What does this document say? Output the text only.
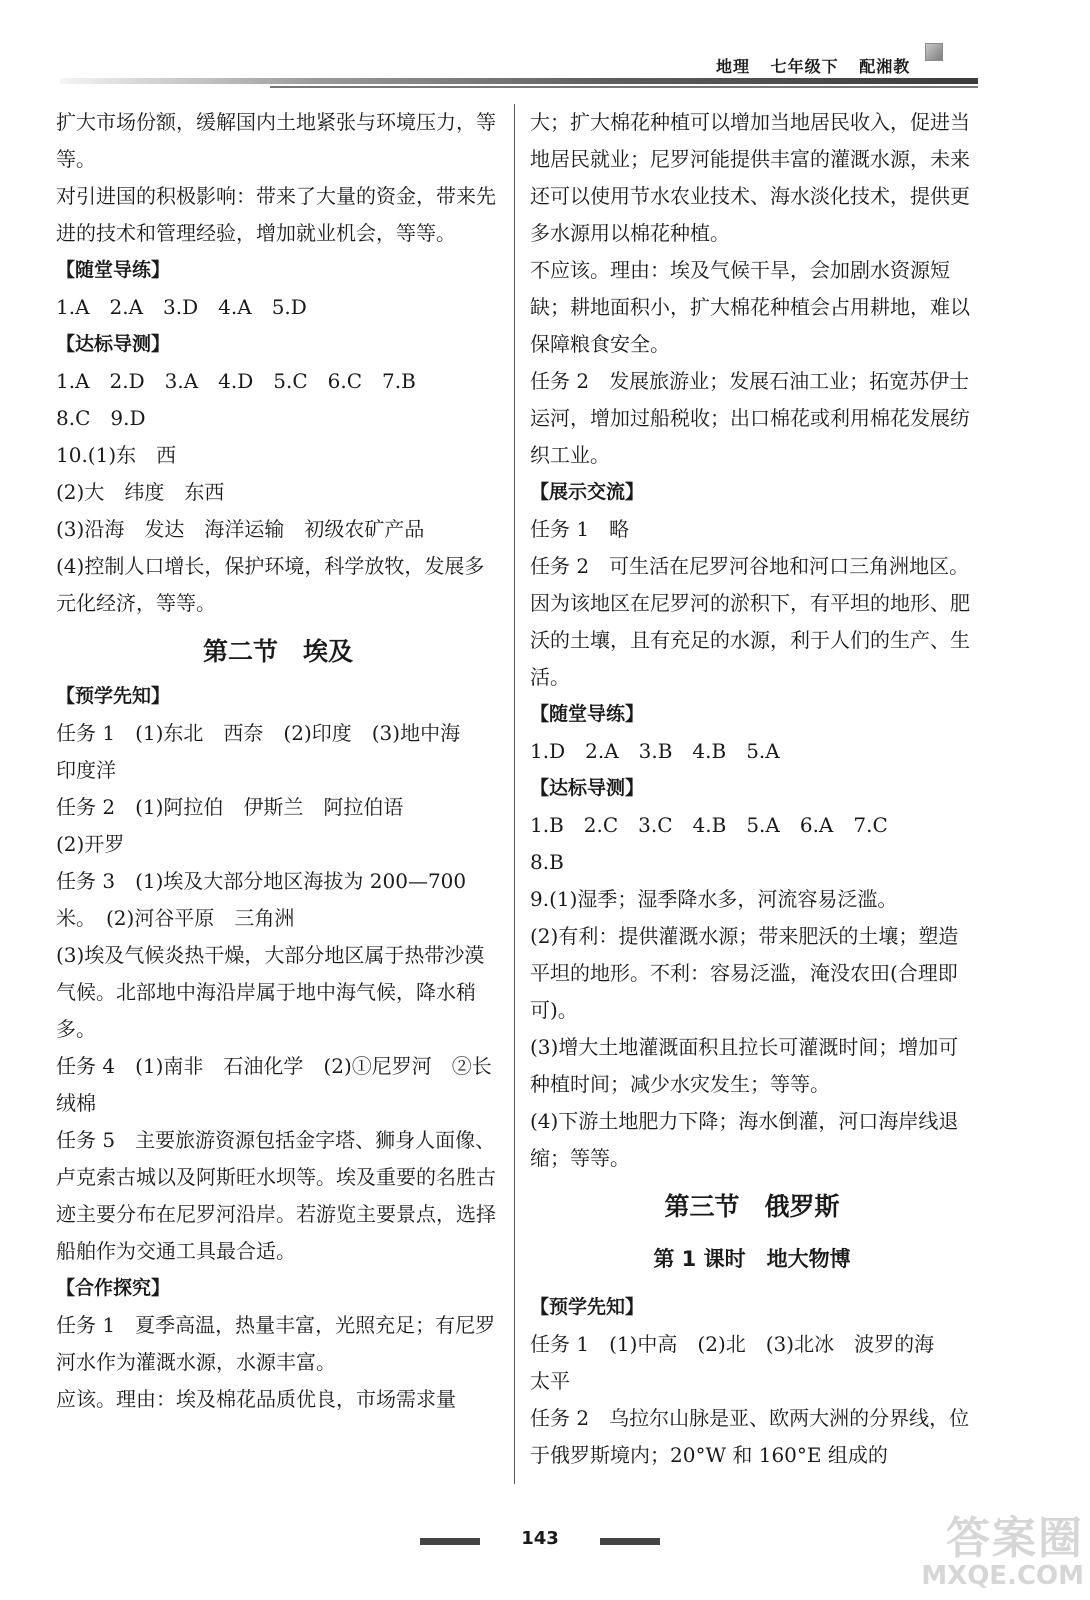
地理 七年级下 配湘教

扩大市场份额，缓解国内土地紧张与环境压力，等等。

对引进国的积极影响：带来了大量的资金，带来先进的技术和管理经验，增加就业机会，等等。

【随堂导练】

1.A　2.A　3.D　4.A　5.D

【达标导测】

1.A　2.D　3.A　4.D　5.C　6.C　7.B

8.C　9.D

10.(1)东　西

(2)大　纬度　东西

(3)沿海　发达　海洋运输　初级农矿产品

(4)控制人口增长，保护环境，科学放牧，发展多元化经济，等等。

第二节　埃及

【预学先知】

任务 1　(1)东北　西奈　(2)印度　(3)地中海　印度洋

任务 2　(1)阿拉伯　伊斯兰　阿拉伯语

(2)开罗

任务 3　(1)埃及大部分地区海拔为 200—700 米。　(2)河谷平原　三角洲

(3)埃及气候炎热干燥，大部分地区属于热带沙漠气候。北部地中海沿岸属于地中海气候，降水稍多。

任务 4　(1)南非　石油化学　(2)①尼罗河　②长绒棉

任务 5　主要旅游资源包括金字塔、狮身人面像、卢克索古城以及阿斯旺水坝等。埃及重要的名胜古迹主要分布在尼罗河沿岸。若游览主要景点，选择船舶作为交通工具最合适。

【合作探究】

任务 1　夏季高温，热量丰富，光照充足；有尼罗河水作为灌溉水源，水源丰富。

应该。理由：埃及棉花品质优良，市场需求量

大；扩大棉花种植可以增加当地居民收入，促进当地居民就业；尼罗河能提供丰富的灌溉水源，未来还可以使用节水农业技术、海水淡化技术，提供更多水源用以棉花种植。

不应该。理由：埃及气候干旱，会加剧水资源短缺；耕地面积小，扩大棉花种植会占用耕地，难以保障粮食安全。

任务 2　发展旅游业；发展石油工业；拓宽苏伊士运河，增加过船税收；出口棉花或利用棉花发展纺织工业。

【展示交流】

任务 1　略

任务 2　可生活在尼罗河谷地和河口三角洲地区。因为该地区在尼罗河的淤积下，有平坦的地形、肥沃的土壤，且有充足的水源，利于人们的生产、生活。

【随堂导练】

1.D　2.A　3.B　4.B　5.A

【达标导测】

1.B　2.C　3.C　4.B　5.A　6.A　7.C

8.B

9.(1)湿季；湿季降水多，河流容易泛滥。

(2)有利：提供灌溉水源；带来肥沃的土壤；塑造平坦的地形。不利：容易泛滥，淹没农田(合理即可)。

(3)增大土地灌溉面积且拉长可灌溉时间；增加可种植时间；减少水灾发生；等等。

(4)下游土地肥力下降；海水倒灌，河口海岸线退缩；等等。

第三节　俄罗斯

第 1 课时　地大物博

【预学先知】

任务 1　(1)中高　(2)北　(3)北冰　波罗的海　太平

任务 2　乌拉尔山脉是亚、欧两大洲的分界线，位于俄罗斯境内；20°W 和 160°E 组成的

143	答案圈
MXQE.COM
